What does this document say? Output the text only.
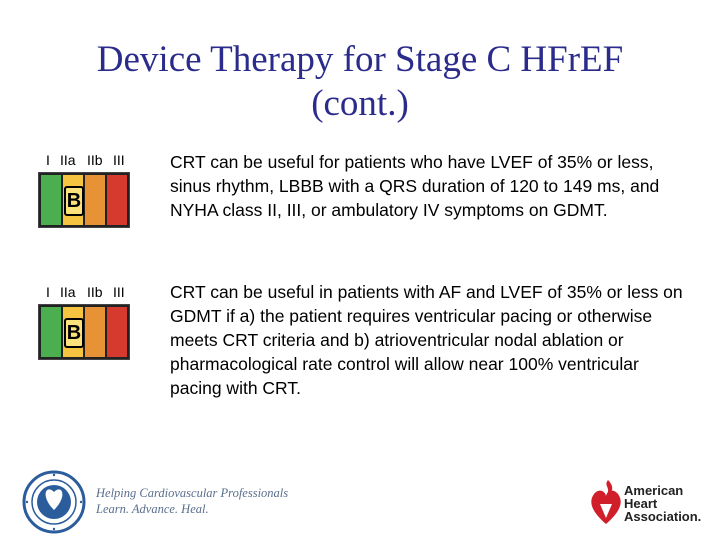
Device Therapy for Stage C HFrEF
(cont.)
I IIa IIb III
B
CRT can be useful for patients who have LVEF of 35% or less, sinus rhythm, LBBB with a QRS duration of 120 to 149 ms, and NYHA class II, III, or ambulatory IV symptoms on GDMT.
I IIa IIb III
B
CRT can be useful in patients with AF and LVEF of 35% or less on GDMT if a) the patient requires ventricular pacing or otherwise meets CRT criteria and b) atrioventricular nodal ablation or pharmacological rate control will allow near 100% ventricular pacing with CRT.
Helping Cardiovascular Professionals
Learn. Advance. Heal.
American
Heart
Association.
